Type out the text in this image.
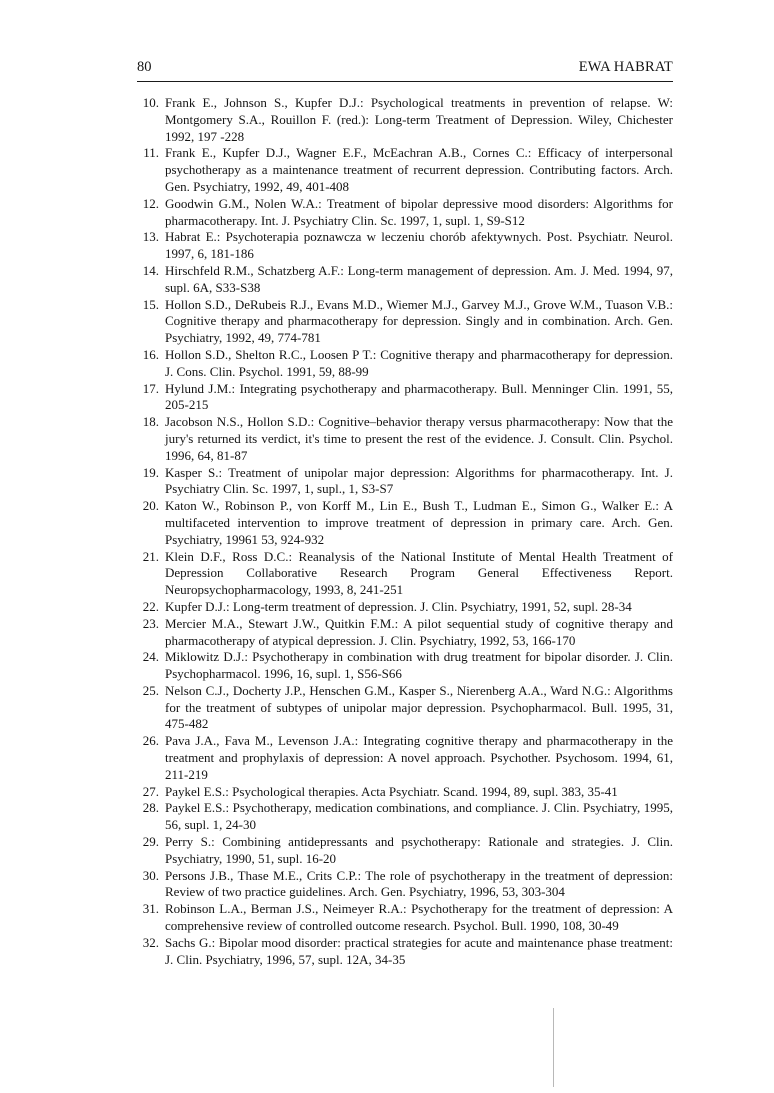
80	EWA HABRAT
10. Frank E., Johnson S., Kupfer D.J.: Psychological treatments in prevention of relapse. W: Montgomery S.A., Rouillon F. (red.): Long-term Treatment of Depression. Wiley, Chichester 1992, 197 -228
11. Frank E., Kupfer D.J., Wagner E.F., McEachran A.B., Cornes C.: Efficacy of interpersonal psychotherapy as a maintenance treatment of recurrent depression. Contributing factors. Arch. Gen. Psychiatry, 1992, 49, 401-408
12. Goodwin G.M., Nolen W.A.: Treatment of bipolar depressive mood disorders: Algorithms for pharmacotherapy. Int. J. Psychiatry Clin. Sc. 1997, 1, supl. 1, S9-S12
13. Habrat E.: Psychoterapia poznawcza w leczeniu chorób afektywnych. Post. Psychiatr. Neurol. 1997, 6, 181-186
14. Hirschfeld R.M., Schatzberg A.F.: Long-term management of depression. Am. J. Med. 1994, 97, supl. 6A, S33-S38
15. Hollon S.D., DeRubeis R.J., Evans M.D., Wiemer M.J., Garvey M.J., Grove W.M., Tuason V.B.: Cognitive therapy and pharmacotherapy for depression. Singly and in combination. Arch. Gen. Psychiatry, 1992, 49, 774-781
16. Hollon S.D., Shelton R.C., Loosen P T.: Cognitive therapy and pharmacotherapy for depression. J. Cons. Clin. Psychol. 1991, 59, 88-99
17. Hylund J.M.: Integrating psychotherapy and pharmacotherapy. Bull. Menninger Clin. 1991, 55, 205-215
18. Jacobson N.S., Hollon S.D.: Cognitive–behavior therapy versus pharmacotherapy: Now that the jury's returned its verdict, it's time to present the rest of the evidence. J. Consult. Clin. Psychol. 1996, 64, 81-87
19. Kasper S.: Treatment of unipolar major depression: Algorithms for pharmacotherapy. Int. J. Psychiatry Clin. Sc. 1997, 1, supl., 1, S3-S7
20. Katon W., Robinson P., von Korff M., Lin E., Bush T., Ludman E., Simon G., Walker E.: A multifaceted intervention to improve treatment of depression in primary care. Arch. Gen. Psychiatry, 19961 53, 924-932
21. Klein D.F., Ross D.C.: Reanalysis of the National Institute of Mental Health Treatment of Depression Collaborative Research Program General Effectiveness Report. Neuropsychopharmacology, 1993, 8, 241-251
22. Kupfer D.J.: Long-term treatment of depression. J. Clin. Psychiatry, 1991, 52, supl. 28-34
23. Mercier M.A., Stewart J.W., Quitkin F.M.: A pilot sequential study of cognitive therapy and pharmacotherapy of atypical depression. J. Clin. Psychiatry, 1992, 53, 166-170
24. Miklowitz D.J.: Psychotherapy in combination with drug treatment for bipolar disorder. J. Clin. Psychopharmacol. 1996, 16, supl. 1, S56-S66
25. Nelson C.J., Docherty J.P., Henschen G.M., Kasper S., Nierenberg A.A., Ward N.G.: Algorithms for the treatment of subtypes of unipolar major depression. Psychopharmacol. Bull. 1995, 31, 475-482
26. Pava J.A., Fava M., Levenson J.A.: Integrating cognitive therapy and pharmacotherapy in the treatment and prophylaxis of depression: A novel approach. Psychother. Psychosom. 1994, 61, 211-219
27. Paykel E.S.: Psychological therapies. Acta Psychiatr. Scand. 1994, 89, supl. 383, 35-41
28. Paykel E.S.: Psychotherapy, medication combinations, and compliance. J. Clin. Psychiatry, 1995, 56, supl. 1, 24-30
29. Perry S.: Combining antidepressants and psychotherapy: Rationale and strategies. J. Clin. Psychiatry, 1990, 51, supl. 16-20
30. Persons J.B., Thase M.E., Crits C.P.: The role of psychotherapy in the treatment of depression: Review of two practice guidelines. Arch. Gen. Psychiatry, 1996, 53, 303-304
31. Robinson L.A., Berman J.S., Neimeyer R.A.: Psychotherapy for the treatment of depression: A comprehensive review of controlled outcome research. Psychol. Bull. 1990, 108, 30-49
32. Sachs G.: Bipolar mood disorder: practical strategies for acute and maintenance phase treatment: J. Clin. Psychiatry, 1996, 57, supl. 12A, 34-35
